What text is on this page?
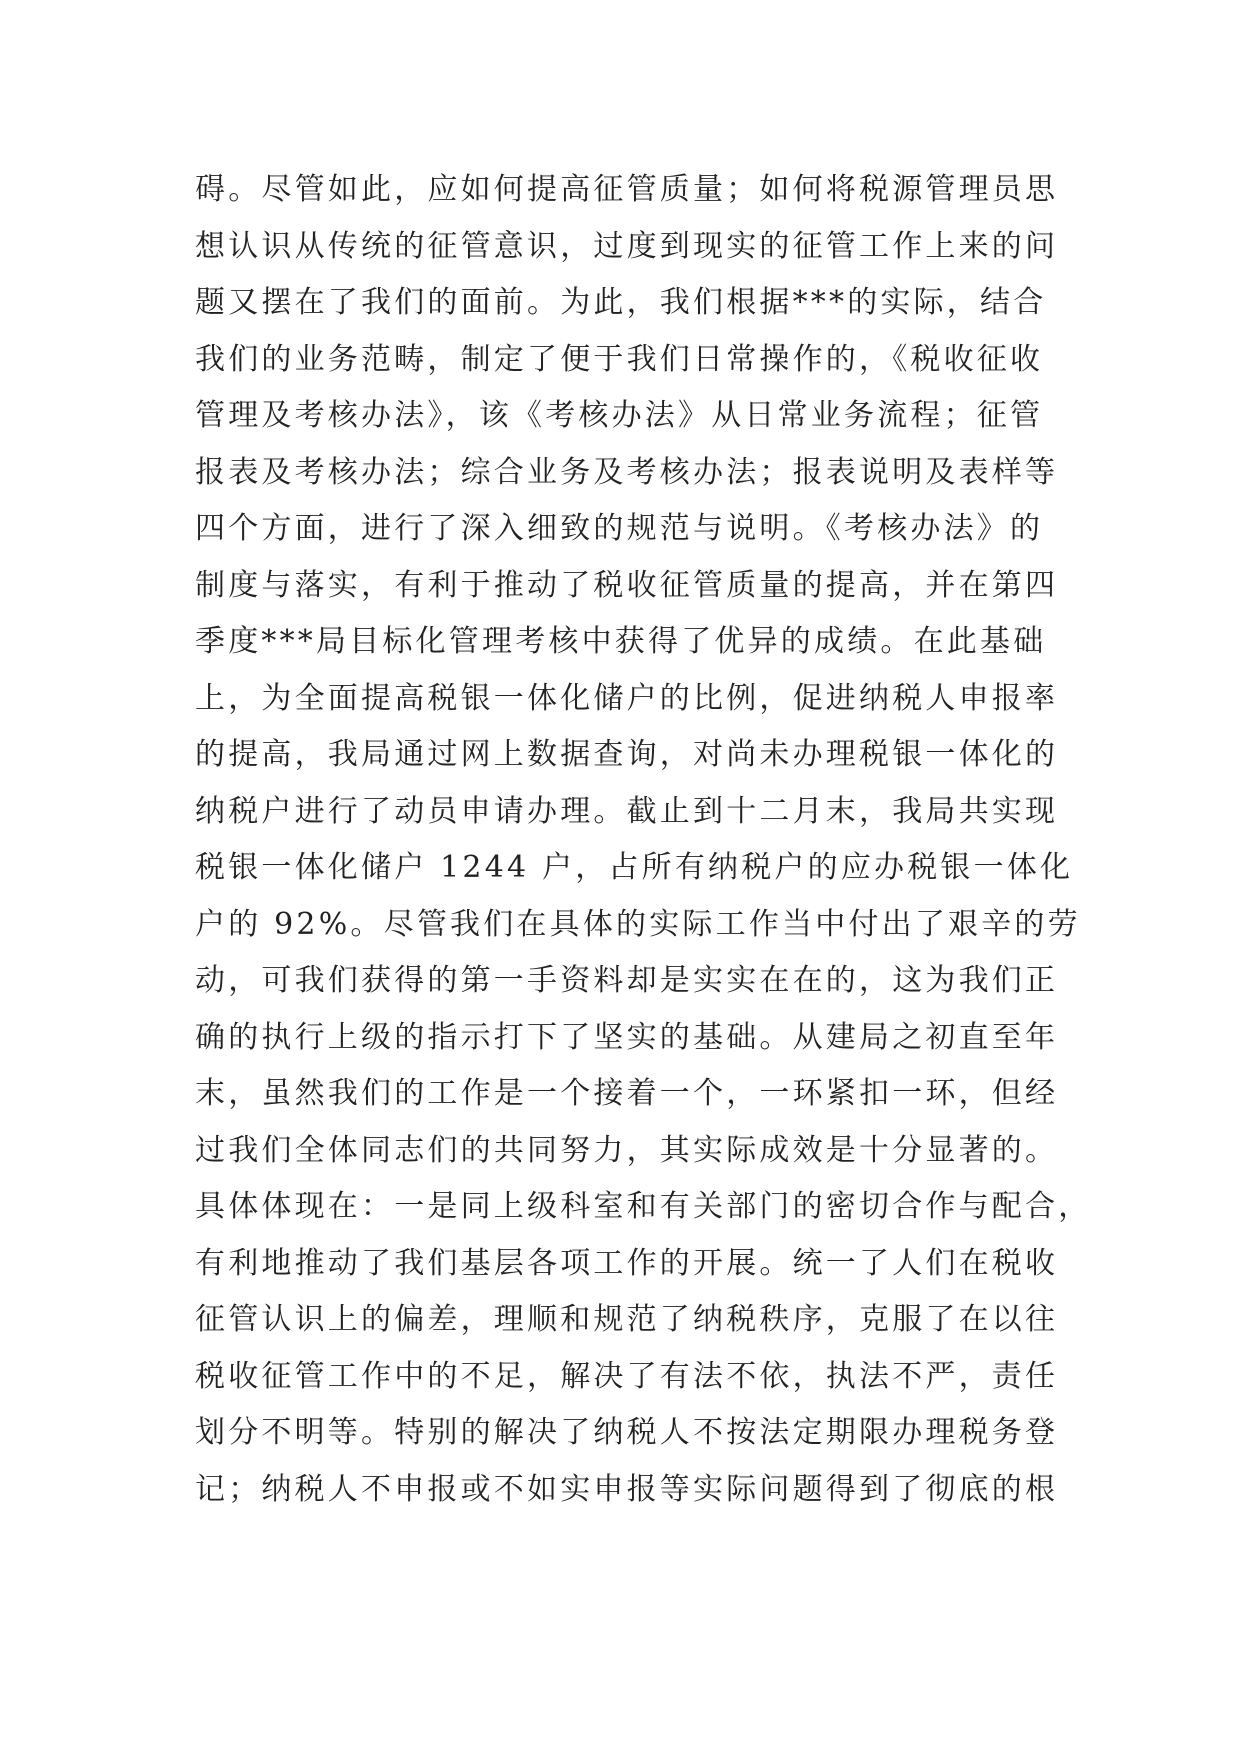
碍。尽管如此，应如何提高征管质量；如何将税源管理员思
想认识从传统的征管意识，过度到现实的征管工作上来的问
题又摆在了我们的面前。为此，我们根据***的实际，结合
我们的业务范畴，制定了便于我们日常操作的，《税收征收
管理及考核办法》，该《考核办法》从日常业务流程；征管
报表及考核办法；综合业务及考核办法；报表说明及表样等
四个方面，进行了深入细致的规范与说明。《考核办法》的
制度与落实，有利于推动了税收征管质量的提高，并在第四
季度***局目标化管理考核中获得了优异的成绩。在此基础
上，为全面提高税银一体化储户的比例，促进纳税人申报率
的提高，我局通过网上数据查询，对尚未办理税银一体化的
纳税户进行了动员申请办理。截止到十二月末，我局共实现
税银一体化储户 1244 户，占所有纳税户的应办税银一体化
户的 92%。尽管我们在具体的实际工作当中付出了艰辛的劳
动，可我们获得的第一手资料却是实实在在的，这为我们正
确的执行上级的指示打下了坚实的基础。从建局之初直至年
末，虽然我们的工作是一个接着一个，一环紧扣一环，但经
过我们全体同志们的共同努力，其实际成效是十分显著的。
具体体现在：一是同上级科室和有关部门的密切合作与配合，
有利地推动了我们基层各项工作的开展。统一了人们在税收
征管认识上的偏差，理顺和规范了纳税秩序，克服了在以往
税收征管工作中的不足，解决了有法不依，执法不严，责任
划分不明等。特别的解决了纳税人不按法定期限办理税务登
记；纳税人不申报或不如实申报等实际问题得到了彻底的根
